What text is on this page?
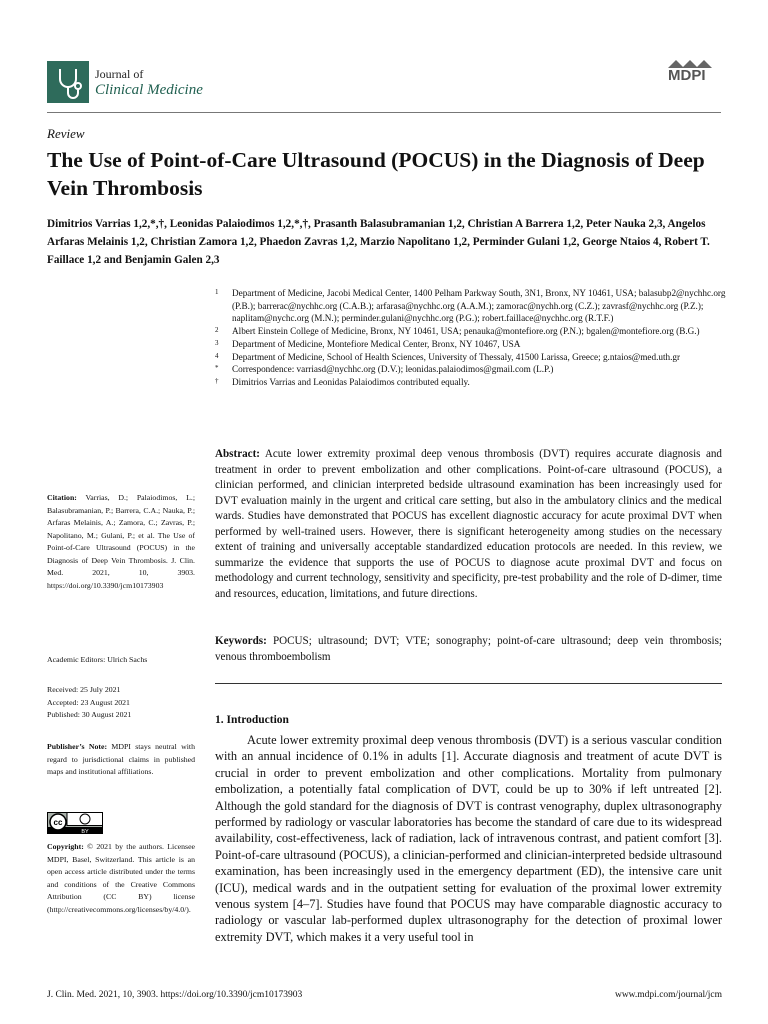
Journal of
Clinical Medicine
MDPI
Review
The Use of Point-of-Care Ultrasound (POCUS) in the Diagnosis of Deep Vein Thrombosis
Dimitrios Varrias 1,2,*,†, Leonidas Palaiodimos 1,2,*,†, Prasanth Balasubramanian 1,2, Christian A Barrera 1,2, Peter Nauka 2,3, Angelos Arfaras Melainis 1,2, Christian Zamora 1,2, Phaedon Zavras 1,2, Marzio Napolitano 1,2, Perminder Gulani 1,2, George Ntaios 4, Robert T. Faillace 1,2 and Benjamin Galen 2,3
1 Department of Medicine, Jacobi Medical Center, 1400 Pelham Parkway South, 3N1, Bronx, NY 10461, USA; balasubp2@nychhc.org (P.B.); barrerac@nychhc.org (C.A.B.); arfarasa@nychhc.org (A.A.M.); zamorac@nychh.org (C.Z.); zavrasf@nychhc.org (P.Z.); naplitam@nychc.org (M.N.); perminder.gulani@nychhc.org (P.G.); robert.faillace@nychhc.org (R.T.F.)
2 Albert Einstein College of Medicine, Bronx, NY 10461, USA; penauka@montefiore.org (P.N.); bgalen@montefiore.org (B.G.)
3 Department of Medicine, Montefiore Medical Center, Bronx, NY 10467, USA
4 Department of Medicine, School of Health Sciences, University of Thessaly, 41500 Larissa, Greece; g.ntaios@med.uth.gr
* Correspondence: varriasd@nychhc.org (D.V.); leonidas.palaiodimos@gmail.com (L.P.)
† Dimitrios Varrias and Leonidas Palaiodimos contributed equally.
Abstract: Acute lower extremity proximal deep venous thrombosis (DVT) requires accurate diagnosis and treatment in order to prevent embolization and other complications. Point-of-care ultrasound (POCUS), a clinician performed, and clinician interpreted bedside ultrasound examination has been increasingly used for DVT evaluation mainly in the urgent and critical care setting, but also in the ambulatory clinics and the medical wards. Studies have demonstrated that POCUS has excellent diagnostic accuracy for acute proximal DVT when performed by well-trained users. However, there is significant heterogeneity among studies on the necessary extent of training and universally acceptable standardized education protocols are needed. In this review, we summarize the evidence that supports the use of POCUS to diagnose acute proximal DVT and focus on methodology and current technology, sensitivity and specificity, pre-test probability and the role of D-dimer, time and resources, education, limitations, and future directions.
Keywords: POCUS; ultrasound; DVT; VTE; sonography; point-of-care ultrasound; deep vein thrombosis; venous thromboembolism
Citation: Varrias, D.; Palaiodimos, L.; Balasubramanian, P.; Barrera, C.A.; Nauka, P.; Arfaras Melainis, A.; Zamora, C.; Zavras, P.; Napolitano, M.; Gulani, P.; et al. The Use of Point-of-Care Ultrasound (POCUS) in the Diagnosis of Deep Vein Thrombosis. J. Clin. Med. 2021, 10, 3903. https://doi.org/10.3390/jcm10173903
Academic Editors: Ulrich Sachs
Received: 25 July 2021
Accepted: 23 August 2021
Published: 30 August 2021
Publisher’s Note: MDPI stays neutral with regard to jurisdictional claims in published maps and institutional affiliations.
cc
BY
Copyright: © 2021 by the authors. Licensee MDPI, Basel, Switzerland. This article is an open access article distributed under the terms and conditions of the Creative Commons Attribution (CC BY) license (http://creativecommons.org/licenses/by/4.0/).
1. Introduction
Acute lower extremity proximal deep venous thrombosis (DVT) is a serious vascular condition with an annual incidence of 0.1% in adults [1]. Accurate diagnosis and treatment of acute DVT is crucial in order to prevent embolization and other complications. Mortality from pulmonary embolization, a potentially fatal complication of DVT, could be up to 30% if left untreated [2]. Although the gold standard for the diagnosis of DVT is contrast venography, duplex ultrasonography performed by radiology or vascular laboratories has become the standard of care due to its widespread availability, cost-effectiveness, lack of radiation, lack of intravenous contrast, and patient comfort [3]. Point-of-care ultrasound (POCUS), a clinician-performed and clinician-interpreted bedside ultrasound examination, has been increasingly used in the emergency department (ED), the intensive care unit (ICU), medical wards and in the outpatient setting for evaluation of the proximal lower extremity venous system [4–7]. Studies have found that POCUS may have comparable diagnostic accuracy to radiology or vascular lab-performed duplex ultrasonography for the detection of proximal lower extremity DVT, which makes it a very useful tool in
J. Clin. Med. 2021, 10, 3903. https://doi.org/10.3390/jcm10173903	www.mdpi.com/journal/jcm
